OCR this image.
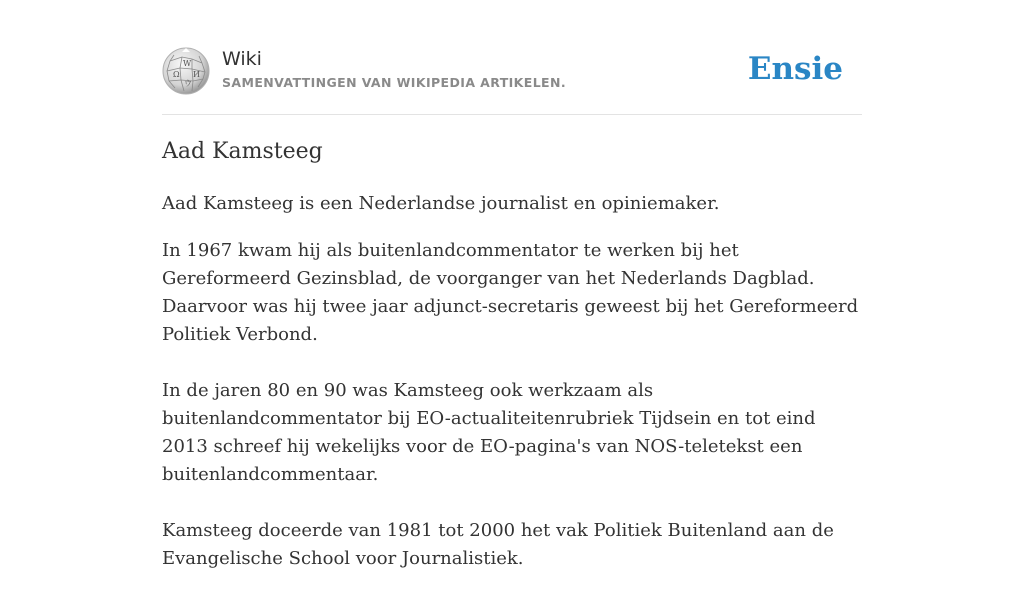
W
Ω И
ウ
Wiki
SAMENVATTINGEN VAN WIKIPEDIA ARTIKELEN.	Ensie
Aad Kamsteeg

Aad Kamsteeg is een Nederlandse journalist en opiniemaker.

In 1967 kwam hij als buitenlandcommentator te werken bij het Gereformeerd Gezinsblad, de voorganger van het Nederlands Dagblad. Daarvoor was hij twee jaar adjunct-secretaris geweest bij het Gereformeerd Politiek Verbond.

In de jaren 80 en 90 was Kamsteeg ook werkzaam als buitenlandcommentator bij EO-actualiteitenrubriek Tijdsein en tot eind 2013 schreef hij wekelijks voor de EO-pagina's van NOS-teletekst een buitenlandcommentaar.

Kamsteeg doceerde van 1981 tot 2000 het vak Politiek Buitenland aan de Evangelische School voor Journalistiek.
